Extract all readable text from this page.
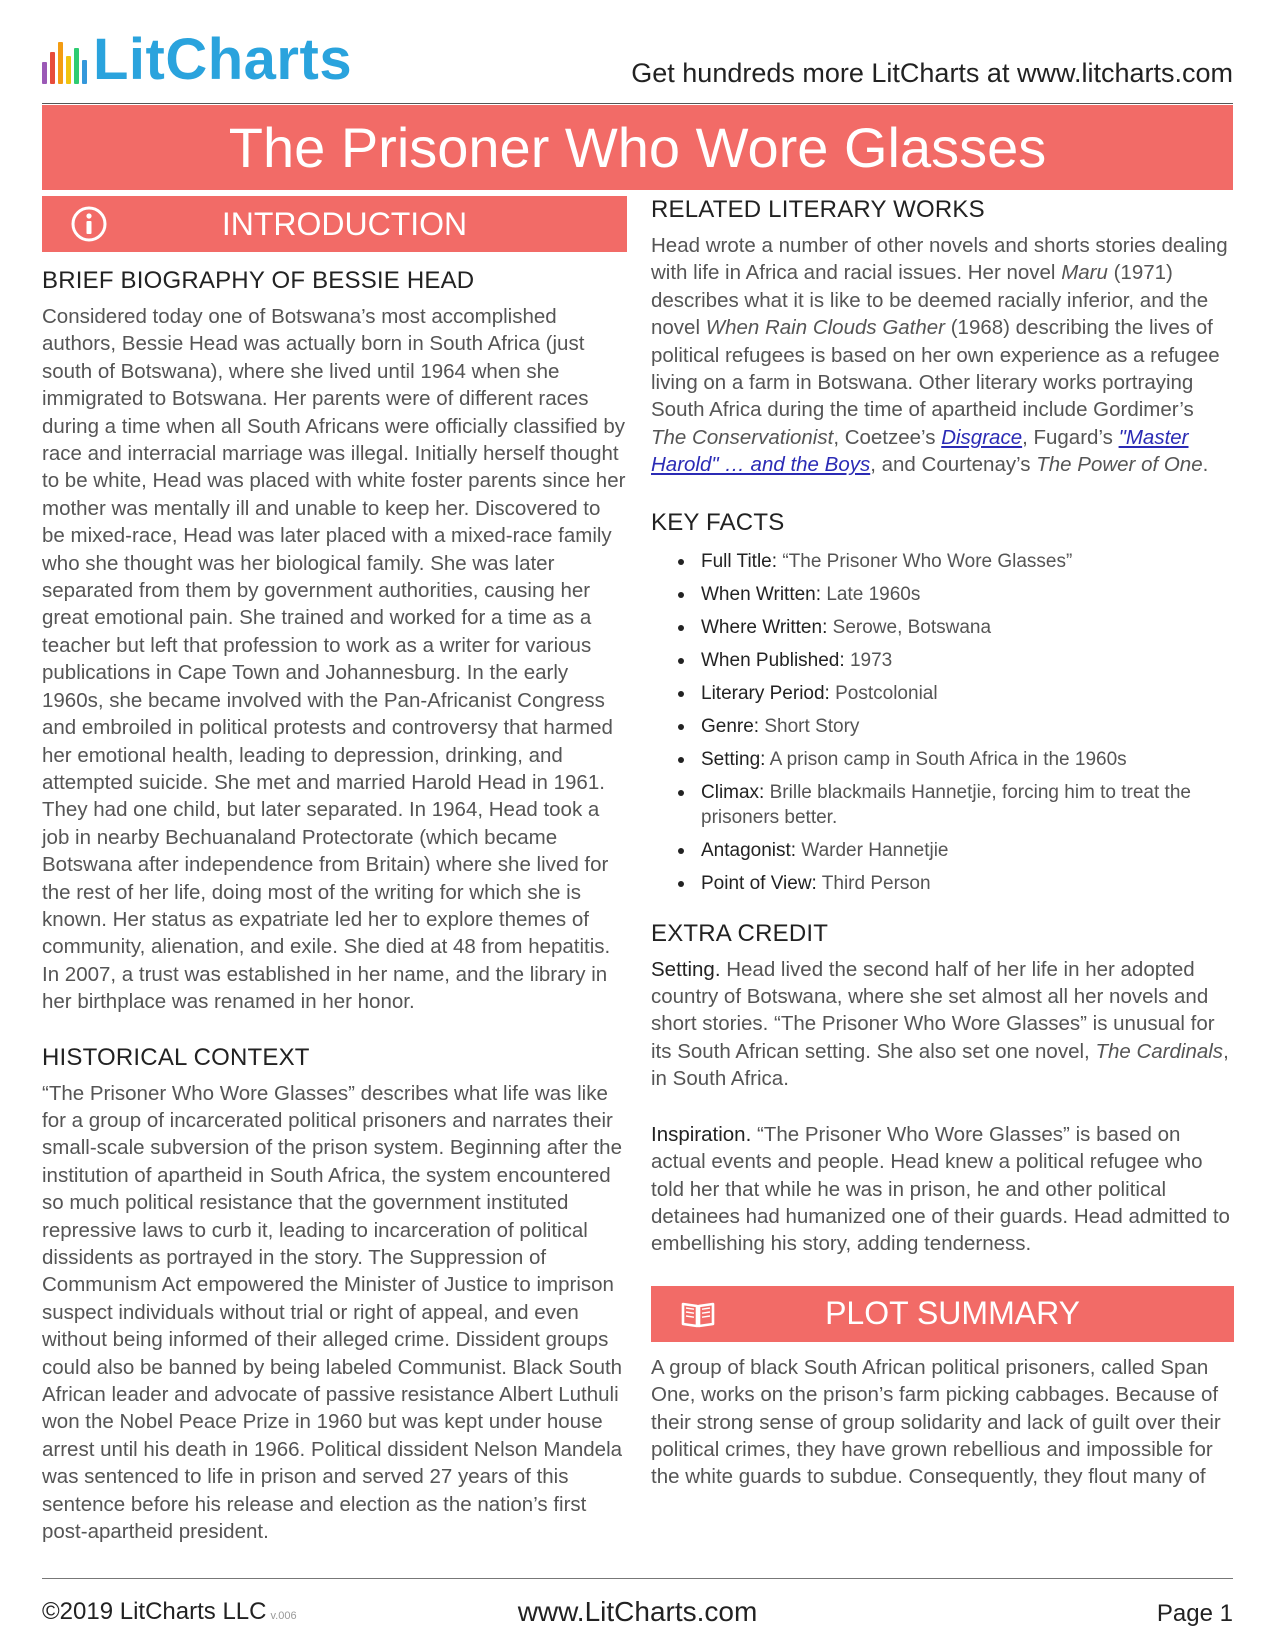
LitCharts	Get hundreds more LitCharts at www.litcharts.com
The Prisoner Who Wore Glasses
INTRODUCTION
BRIEF BIOGRAPHY OF BESSIE HEAD

Considered today one of Botswana’s most accomplished authors, Bessie Head was actually born in South Africa (just south of Botswana), where she lived until 1964 when she immigrated to Botswana. Her parents were of different races during a time when all South Africans were officially classified by race and interracial marriage was illegal. Initially herself thought to be white, Head was placed with white foster parents since her mother was mentally ill and unable to keep her. Discovered to be mixed-race, Head was later placed with a mixed-race family who she thought was her biological family. She was later separated from them by government authorities, causing her great emotional pain. She trained and worked for a time as a teacher but left that profession to work as a writer for various publications in Cape Town and Johannesburg. In the early 1960s, she became involved with the Pan-Africanist Congress and embroiled in political protests and controversy that harmed her emotional health, leading to depression, drinking, and attempted suicide. She met and married Harold Head in 1961. They had one child, but later separated. In 1964, Head took a job in nearby Bechuanaland Protectorate (which became Botswana after independence from Britain) where she lived for the rest of her life, doing most of the writing for which she is known. Her status as expatriate led her to explore themes of community, alienation, and exile. She died at 48 from hepatitis. In 2007, a trust was established in her name, and the library in her birthplace was renamed in her honor.

HISTORICAL CONTEXT

“The Prisoner Who Wore Glasses” describes what life was like for a group of incarcerated political prisoners and narrates their small-scale subversion of the prison system. Beginning after the institution of apartheid in South Africa, the system encountered so much political resistance that the government instituted repressive laws to curb it, leading to incarceration of political dissidents as portrayed in the story. The Suppression of Communism Act empowered the Minister of Justice to imprison suspect individuals without trial or right of appeal, and even without being informed of their alleged crime. Dissident groups could also be banned by being labeled Communist. Black South African leader and advocate of passive resistance Albert Luthuli won the Nobel Peace Prize in 1960 but was kept under house arrest until his death in 1966. Political dissident Nelson Mandela was sentenced to life in prison and served 27 years of this sentence before his release and election as the nation’s first post-apartheid president.

RELATED LITERARY WORKS

Head wrote a number of other novels and shorts stories dealing with life in Africa and racial issues. Her novel Maru (1971) describes what it is like to be deemed racially inferior, and the novel When Rain Clouds Gather (1968) describing the lives of political refugees is based on her own experience as a refugee living on a farm in Botswana. Other literary works portraying South Africa during the time of apartheid include Gordimer’s The Conservationist, Coetzee’s Disgrace, Fugard’s "Master Harold" … and the Boys, and Courtenay’s The Power of One.

KEY FACTS
Full Title: “The Prisoner Who Wore Glasses”
When Written: Late 1960s
Where Written: Serowe, Botswana
When Published: 1973
Literary Period: Postcolonial
Genre: Short Story
Setting: A prison camp in South Africa in the 1960s
Climax: Brille blackmails Hannetjie, forcing him to treat the prisoners better.
Antagonist: Warder Hannetjie
Point of View: Third Person
EXTRA CREDIT

Setting. Head lived the second half of her life in her adopted country of Botswana, where she set almost all her novels and short stories. “The Prisoner Who Wore Glasses” is unusual for its South African setting. She also set one novel, The Cardinals, in South Africa.

Inspiration. “The Prisoner Who Wore Glasses” is based on actual events and people. Head knew a political refugee who told her that while he was in prison, he and other political detainees had humanized one of their guards. Head admitted to embellishing his story, adding tenderness.

PLOT SUMMARY

A group of black South African political prisoners, called Span One, works on the prison’s farm picking cabbages. Because of their strong sense of group solidarity and lack of guilt over their political crimes, they have grown rebellious and impossible for the white guards to subdue. Consequently, they flout many of

©2019 LitCharts LLC v.006	www.LitCharts.com	Page 1
